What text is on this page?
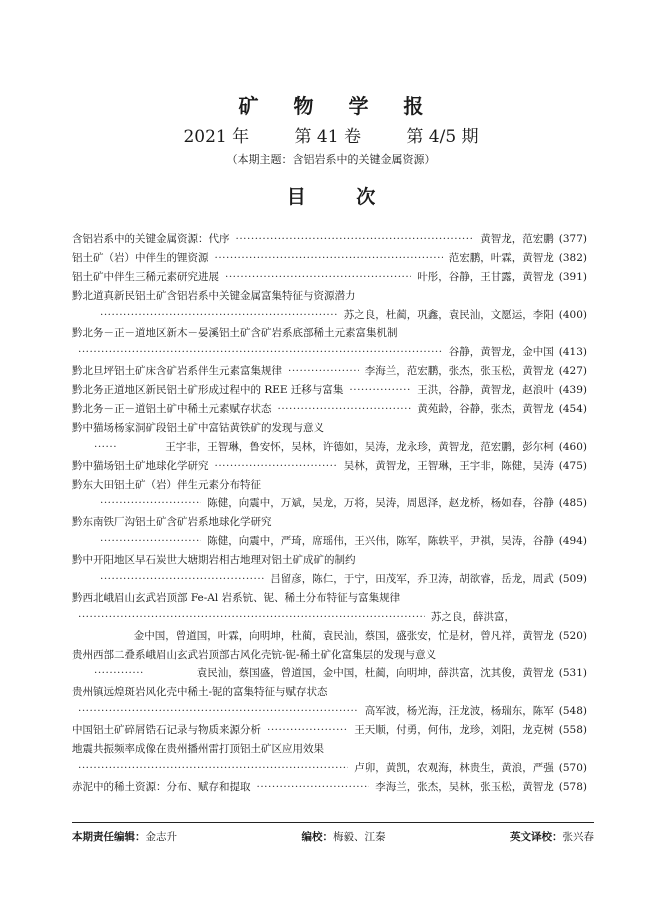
矿 物 学 报
2021 年	第 41 卷	第 4/5 期
（本期主题：含铝岩系中的关键金属资源）
目 次
含铝岩系中的关键金属资源：代序 ·····	黄智龙，范宏鹏 (377)
铝土矿（岩）中伴生的锂资源 ·····	范宏鹏，叶霖，黄智龙 (382)
铝土矿中伴生三稀元素研究进展 ·····	叶彤，谷静，王甘露，黄智龙 (391)
黔北道真新民铝土矿含铝岩系中关键金属富集特征与资源潜力
·····
苏之良，杜蔺，巩鑫，袁民汕，文愿运，李阳 (400)
黔北务－正－道地区新木－晏溪铝土矿含矿岩系底部稀土元素富集机制
·····
谷静，黄智龙，金中国 (413)
黔北旦坪铝土矿床含矿岩系伴生元素富集规律 ·····	李海兰，范宏鹏，张杰，张玉松，黄智龙 (427)
黔北务正道地区新民铝土矿形成过程中的 REE 迁移与富集 ·····	王洪，谷静，黄智龙，赵浪叶 (439)
黔北务－正－道铝土矿中稀土元素赋存状态 ·····	黄苑龄，谷静，张杰，黄智龙 (454)
黔中猫场杨家洞矿段铝土矿中富钴黄铁矿的发现与意义
·····
王宇非，王智琳，鲁安怀，吴林，许德如，吴涛，龙永珍，黄智龙，范宏鹏，彭尔柯 (460)
黔中猫场铝土矿地球化学研究 ·····	吴林，黄智龙，王智琳，王宇非，陈健，吴涛 (475)
黔东大田铝土矿（岩）伴生元素分布特征
·····
陈健，向震中，万斌，吴龙，万将，吴涛，周恩泽，赵龙桥，杨如春，谷静 (485)
黔东南铁厂沟铝土矿含矿岩系地球化学研究
·····
陈健，向震中，严琦，席瑶伟，王兴伟，陈军，陈轶平，尹祺，吴涛，谷静 (494)
黔中开阳地区早石炭世大塘期岩相古地理对铝土矿成矿的制约
·····
吕留彦，陈仁，于宁，田茂军，乔卫涛，胡欲睿，岳龙，周武 (509)
黔西北峨眉山玄武岩顶部 Fe-Al 岩系钪、铌、稀土分布特征与富集规律
·····
苏之良，薛洪富，
金中国，曾道国，叶霖，向明坤，杜蔺，袁民汕，蔡国，盛张安，忙是材，曾凡祥，黄智龙 (520)
贵州西部二叠系峨眉山玄武岩顶部古风化壳钪-铌-稀土矿化富集层的发现与意义
·····
袁民汕，蔡国盛，曾道国，金中国，杜蔺，向明坤，薛洪富，沈其俊，黄智龙 (531)
贵州镇远煌斑岩风化壳中稀土-铌的富集特征与赋存状态
·····
高军波，杨光海，汪龙波，杨瑞东，陈军 (548)
中国铝土矿碎屑锆石记录与物质来源分析 ·····	王天顺，付勇，何伟，龙珍，刘阳，龙克树 (558)
地震共振频率成像在贵州播州雷打顶铝土矿区应用效果
·····
卢卯，黄凯，农观海，林贵生，黄浪，严强 (570)
赤泥中的稀土资源：分布、赋存和提取 ·····	李海兰，张杰，吴林，张玉松，黄智龙 (578)
本期责任编辑：金志升	编校：梅毅、江秦	英文译校：张兴春
